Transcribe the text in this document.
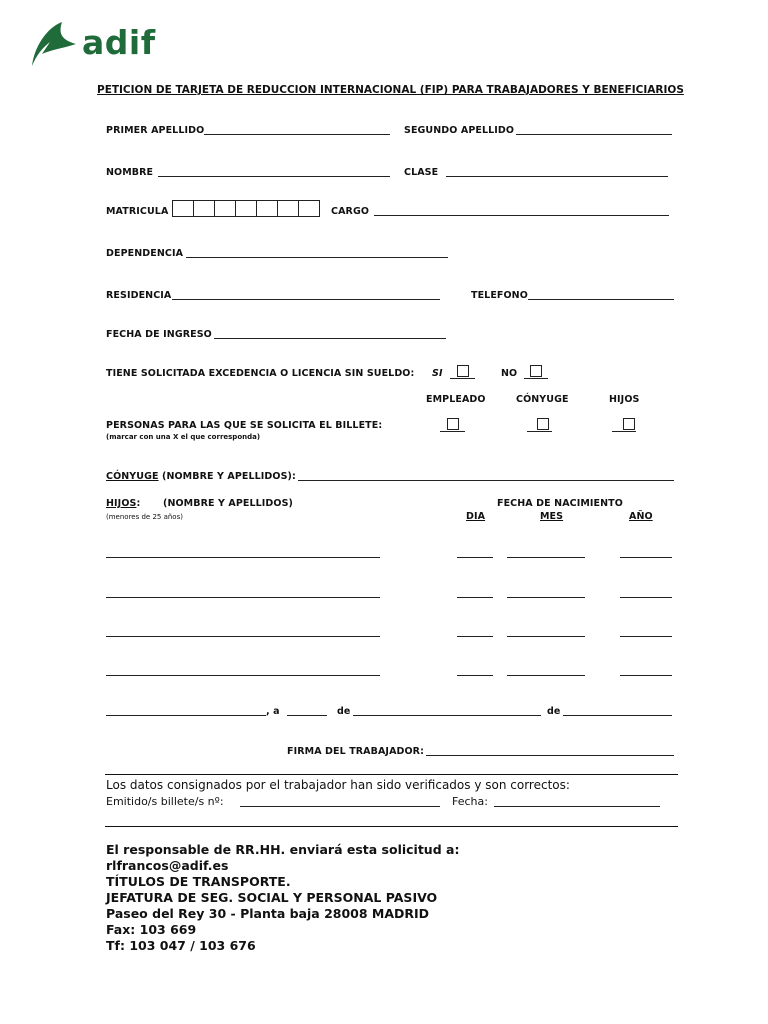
adif
PETICION DE TARJETA DE REDUCCION INTERNACIONAL (FIP) PARA TRABAJADORES Y BENEFICIARIOS
PRIMER APELLIDO	SEGUNDO APELLIDO
NOMBRE	CLASE
MATRICULA	CARGO
DEPENDENCIA
RESIDENCIA	TELEFONO
FECHA DE INGRESO
TIENE SOLICITADA EXCEDENCIA O LICENCIA SIN SUELDO: SI	NO
EMPLEADO	CÓNYUGE	HIJOS
PERSONAS PARA LAS QUE SE SOLICITA EL BILLETE:
(marcar con una X el que corresponda)
CÓNYUGE (NOMBRE Y APELLIDOS):
HIJOS: (NOMBRE Y APELLIDOS)
(menores de 25 años)
FECHA DE NACIMIENTO
DIA	MES	AÑO
, a	de	de
FIRMA DEL TRABAJADOR:
Los datos consignados por el trabajador han sido verificados y son correctos:
Emitido/s billete/s nº:	Fecha:
El responsable de RR.HH. enviará esta solicitud a:
rlfrancos@adif.es
TÍTULOS DE TRANSPORTE.
JEFATURA DE SEG. SOCIAL Y PERSONAL PASIVO
Paseo del Rey 30 - Planta baja 28008 MADRID
Fax: 103 669
Tf: 103 047 / 103 676
